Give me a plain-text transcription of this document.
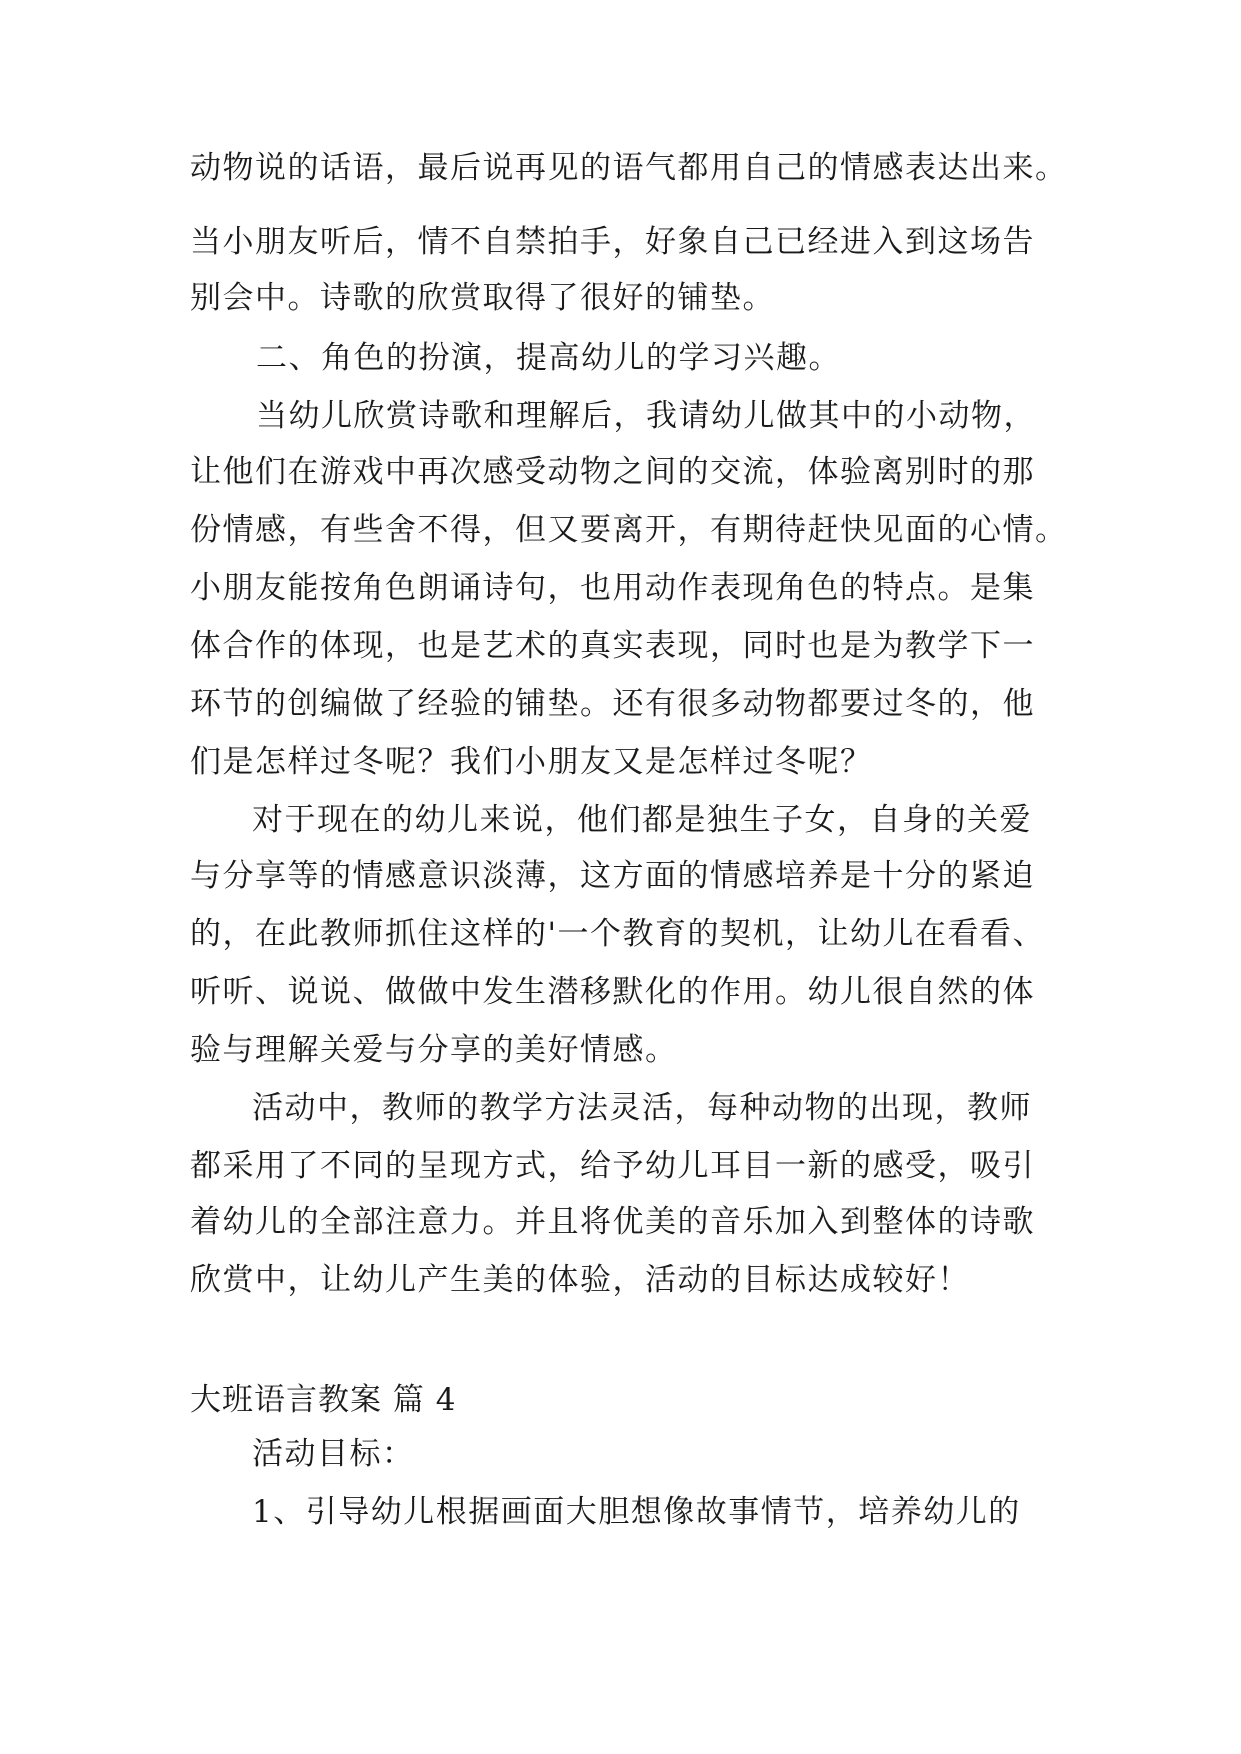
动物说的话语，最后说再见的语气都用自己的情感表达出来。
当小朋友听后，情不自禁拍手，好象自己已经进入到这场告
别会中。诗歌的欣赏取得了很好的铺垫。
二、角色的扮演，提高幼儿的学习兴趣。
当幼儿欣赏诗歌和理解后，我请幼儿做其中的小动物，
让他们在游戏中再次感受动物之间的交流，体验离别时的那
份情感，有些舍不得，但又要离开，有期待赶快见面的心情。
小朋友能按角色朗诵诗句，也用动作表现角色的特点。是集
体合作的体现，也是艺术的真实表现，同时也是为教学下一
环节的创编做了经验的铺垫。还有很多动物都要过冬的，他
们是怎样过冬呢？我们小朋友又是怎样过冬呢？
对于现在的幼儿来说，他们都是独生子女，自身的关爱
与分享等的情感意识淡薄，这方面的情感培养是十分的紧迫
的，在此教师抓住这样的'一个教育的契机，让幼儿在看看、
听听、说说、做做中发生潜移默化的作用。幼儿很自然的体
验与理解关爱与分享的美好情感。
活动中，教师的教学方法灵活，每种动物的出现，教师
都采用了不同的呈现方式，给予幼儿耳目一新的感受，吸引
着幼儿的全部注意力。并且将优美的音乐加入到整体的诗歌
欣赏中，让幼儿产生美的体验，活动的目标达成较好！
大班语言教案 篇 4
活动目标：
1、引导幼儿根据画面大胆想像故事情节，培养幼儿的
